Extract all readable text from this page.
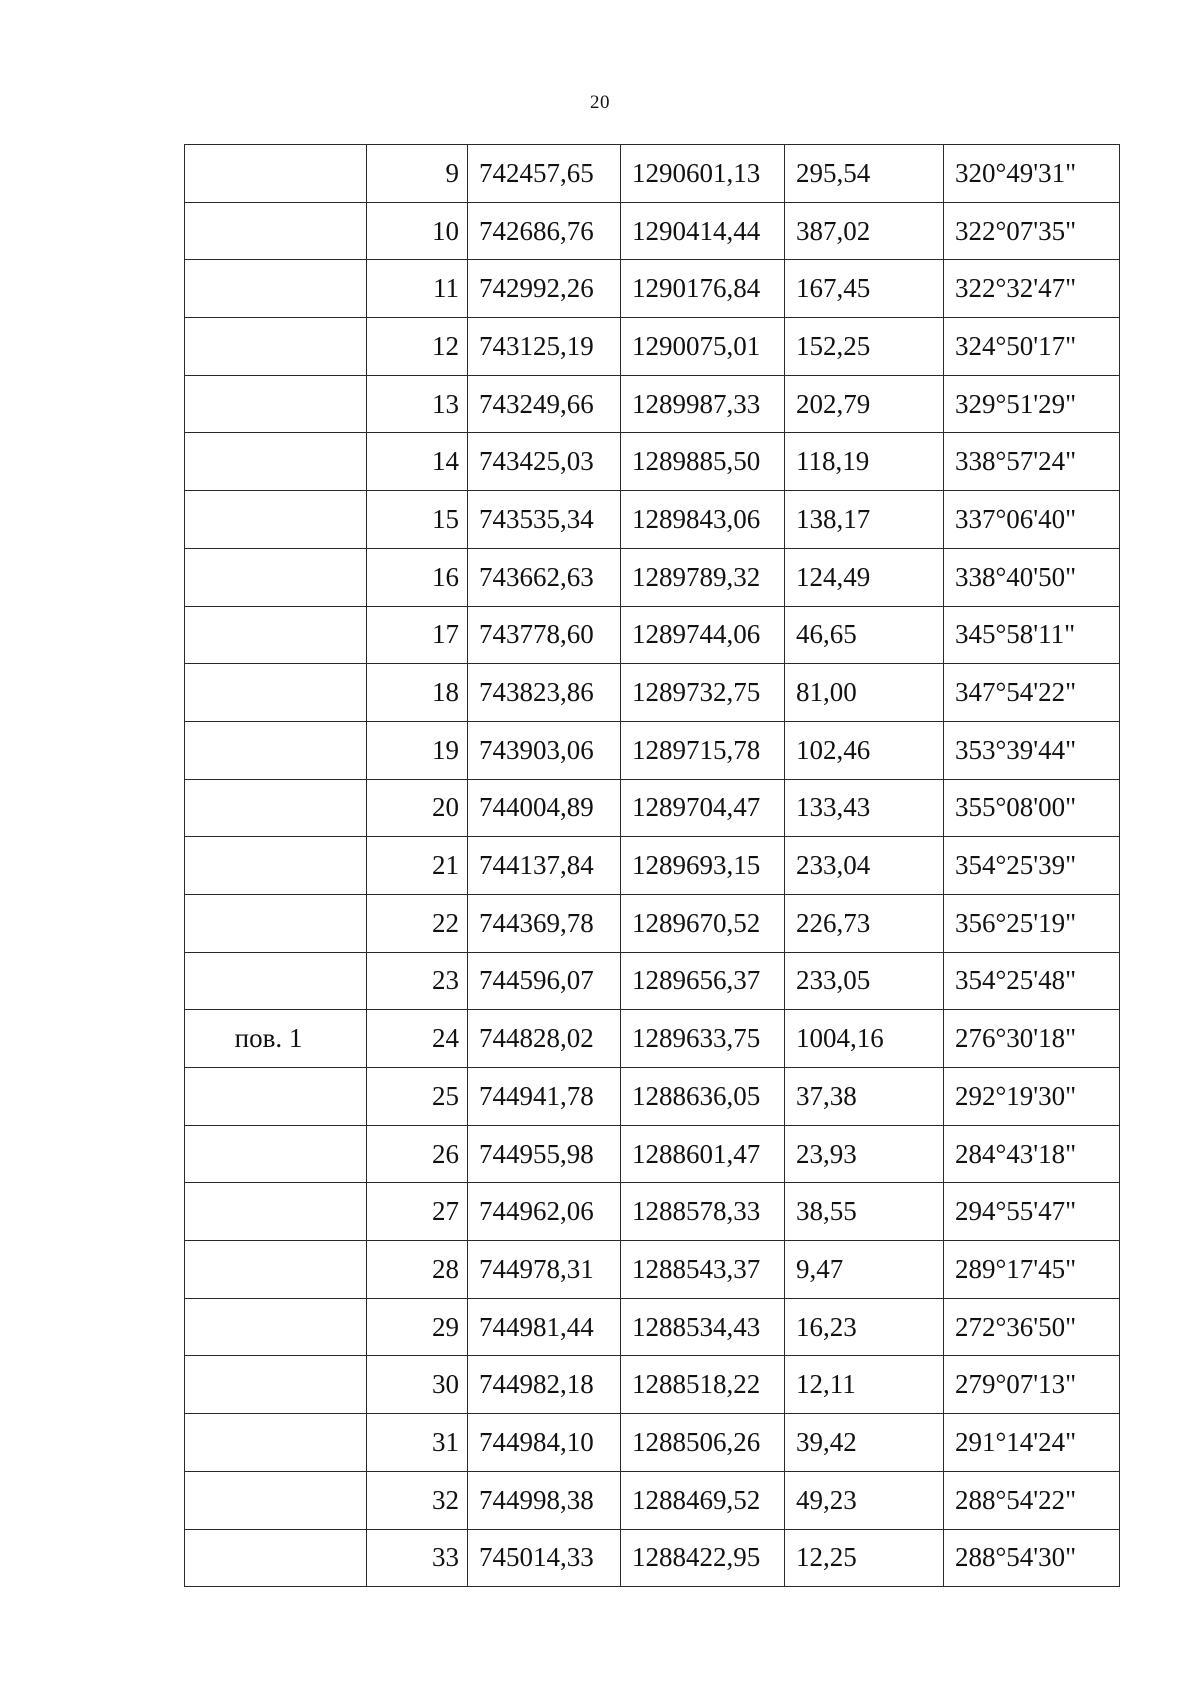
20
	9	742457,65	1290601,13	295,54	320°49'31"
	10	742686,76	1290414,44	387,02	322°07'35"
	11	742992,26	1290176,84	167,45	322°32'47"
	12	743125,19	1290075,01	152,25	324°50'17"
	13	743249,66	1289987,33	202,79	329°51'29"
	14	743425,03	1289885,50	118,19	338°57'24"
	15	743535,34	1289843,06	138,17	337°06'40"
	16	743662,63	1289789,32	124,49	338°40'50"
	17	743778,60	1289744,06	46,65	345°58'11"
	18	743823,86	1289732,75	81,00	347°54'22"
	19	743903,06	1289715,78	102,46	353°39'44"
	20	744004,89	1289704,47	133,43	355°08'00"
	21	744137,84	1289693,15	233,04	354°25'39"
	22	744369,78	1289670,52	226,73	356°25'19"
	23	744596,07	1289656,37	233,05	354°25'48"
пов. 1	24	744828,02	1289633,75	1004,16	276°30'18"
	25	744941,78	1288636,05	37,38	292°19'30"
	26	744955,98	1288601,47	23,93	284°43'18"
	27	744962,06	1288578,33	38,55	294°55'47"
	28	744978,31	1288543,37	9,47	289°17'45"
	29	744981,44	1288534,43	16,23	272°36'50"
	30	744982,18	1288518,22	12,11	279°07'13"
	31	744984,10	1288506,26	39,42	291°14'24"
	32	744998,38	1288469,52	49,23	288°54'22"
	33	745014,33	1288422,95	12,25	288°54'30"
